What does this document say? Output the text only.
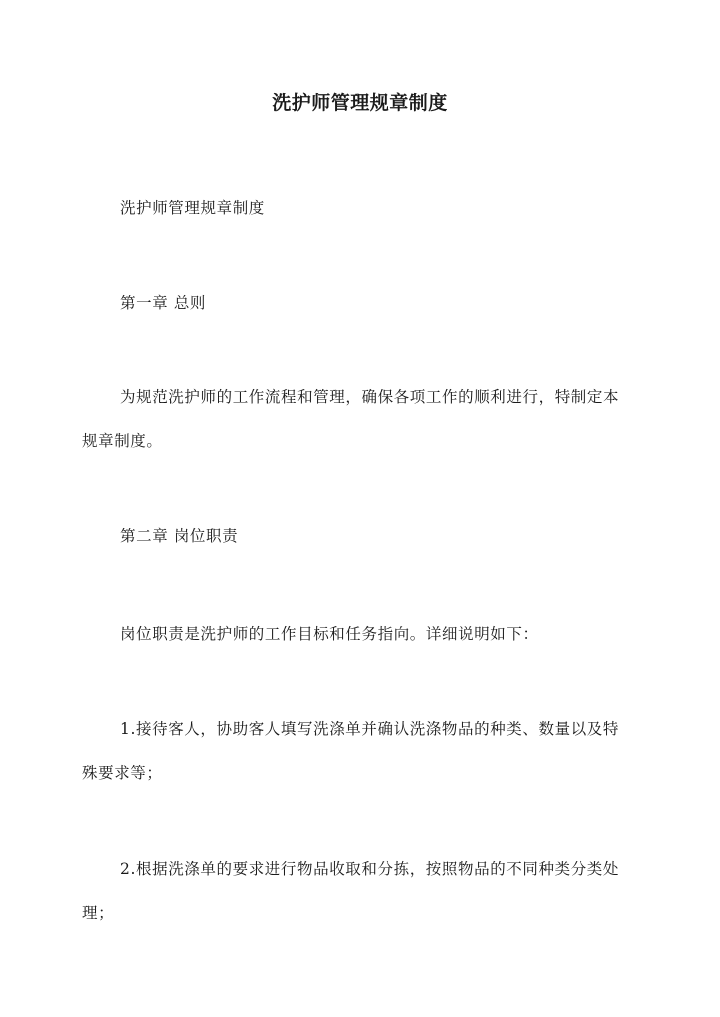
洗护师管理规章制度

洗护师管理规章制度

第一章 总则

为规范洗护师的工作流程和管理，确保各项工作的顺利进行，特制定本规章制度。

第二章 岗位职责

岗位职责是洗护师的工作目标和任务指向。详细说明如下：

1.接待客人，协助客人填写洗涤单并确认洗涤物品的种类、数量以及特殊要求等；

2.根据洗涤单的要求进行物品收取和分拣，按照物品的不同种类分类处理；
